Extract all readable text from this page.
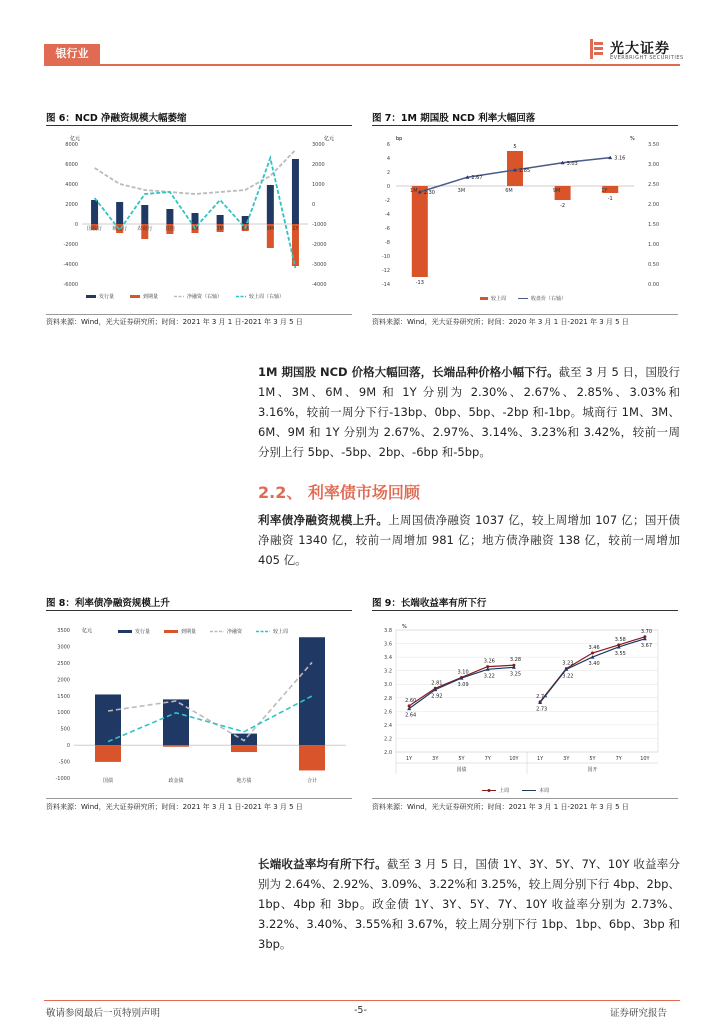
银行业	光大证券
EVERBRIGHT SECURITIES
图 6：NCD 净融资规模大幅萎缩
亿元	亿元
8000
6000
4000
2000
0
-2000
-4000
-6000
3000
2000
1000
0
-1000
-2000
-3000
-4000
国股行 城商行 农商行	其他	1M	3M	6M	9M	1Y
发行量	到期量	净融资（右轴）	较上周（右轴）
资料来源：Wind，光大证券研究所；时间：2021 年 3 月 1 日-2021 年 3 月 5 日
图 7：1M 期国股 NCD 利率大幅回落
bp	%
6
4
2
0
-2
-4
-6
-8
-10
-12
-14
3.50
3.00
2.50
2.00
1.50
1.00
0.50
0.00
-13
1M	3M
5
6M
-2
9M
-1
1Y
2.30
2.67
2.85
3.03
3.16
较上周	收盘价（右轴）
资料来源：Wind，光大证券研究所；时间：2020 年 3 月 1 日-2021 年 3 月 5 日
1M 期国股 NCD 价格大幅回落，长端品种价格小幅下行。截至 3 月 5 日，国股行 1M、3M、6M、9M 和 1Y 分别为 2.30%、2.67%、2.85%、3.03%和 3.16%，较前一周分下行-13bp、0bp、5bp、-2bp 和-1bp。城商行 1M、3M、6M、9M 和 1Y 分别为 2.67%、2.97%、3.14%、3.23%和 3.42%，较前一周分别上行 5bp、-5bp、2bp、-6bp 和-5bp。
2.2、 利率债市场回顾
利率债净融资规模上升。上周国债净融资 1037 亿，较上周增加 107 亿；国开债净融资 1340 亿，较前一周增加 981 亿；地方债净融资 138 亿，较前一周增加 405 亿。
图 8：利率债净融资规模上升
亿元
3500
3000
2500
2000
1500
1000
500
0
-500
-1000	国债	政金债	地方债	合计
发行量	到期量	净融资	较上周
资料来源：Wind，光大证券研究所；时间：2021 年 3 月 1 日-2021 年 3 月 5 日
图 9：长端收益率有所下行
%
3.8
3.6
3.4
3.2
3.0
2.8
2.6
2.4
2.2
2.0
1Y	3Y	5Y	7Y	10Y
国债
1Y	3Y	5Y	7Y	10Y
国开
2.60
2.81
3.10
3.26	3.28
2.64
2.92
3.09
3.22	3.25
2.74
3.23
3.46
3.58
3.70
2.73
3.22
3.40
3.55
3.67
上周	本周
资料来源：Wind，光大证券研究所；时间：2021 年 3 月 1 日-2021 年 3 月 5 日
长端收益率均有所下行。截至 3 月 5 日，国债 1Y、3Y、5Y、7Y、10Y 收益率分别为 2.64%、2.92%、3.09%、3.22%和 3.25%，较上周分别下行 4bp、2bp、1bp、4bp 和 3bp。政金债 1Y、3Y、5Y、7Y、10Y 收益率分别为 2.73%、3.22%、3.40%、3.55%和 3.67%，较上周分别下行 1bp、1bp、6bp、3bp 和 3bp。
敬请参阅最后一页特别声明	-5-	证券研究报告
